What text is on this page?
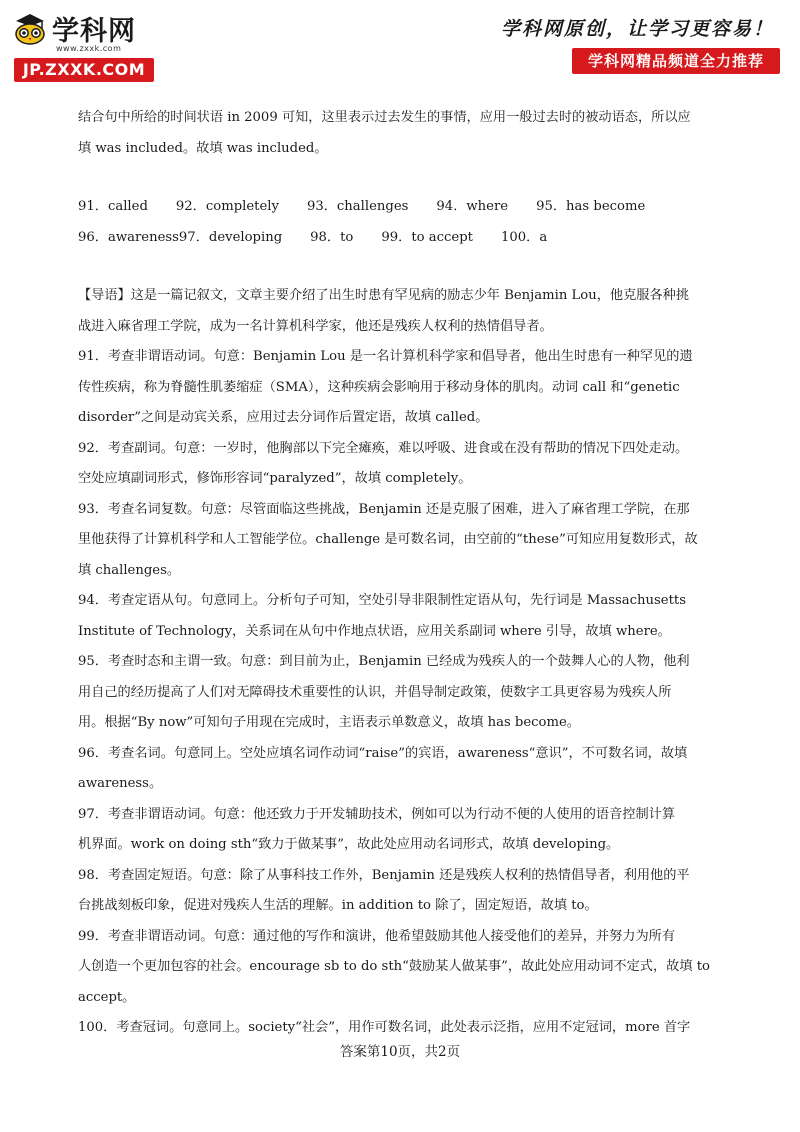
学科网
www.zxxk.com
JP.ZXXK.COM
学科网原创，让学习更容易！
学科网精品频道全力推荐

结合句中所给的时间状语 in 2009 可知，这里表示过去发生的事情，应用一般过去时的被动语态，所以应

填 was included。故填 was included。

91．called 92．completely 93．challenges 94．where 95．has become
96．awareness 97．developing 98．to 99．to accept 100．a

【导语】这是一篇记叙文，文章主要介绍了出生时患有罕见病的励志少年 Benjamin Lou，他克服各种挑

战进入麻省理工学院，成为一名计算机科学家，他还是残疾人权利的热情倡导者。

91．考查非谓语动词。句意：Benjamin Lou 是一名计算机科学家和倡导者，他出生时患有一种罕见的遗

传性疾病，称为脊髓性肌萎缩症（SMA），这种疾病会影响用于移动身体的肌肉。动词 call 和“genetic

disorder”之间是动宾关系，应用过去分词作后置定语，故填 called。

92．考查副词。句意：一岁时，他胸部以下完全瘫痪，难以呼吸、进食或在没有帮助的情况下四处走动。

空处应填副词形式，修饰形容词“paralyzed”，故填 completely。

93．考查名词复数。句意：尽管面临这些挑战，Benjamin 还是克服了困难，进入了麻省理工学院，在那

里他获得了计算机科学和人工智能学位。challenge 是可数名词，由空前的“these”可知应用复数形式，故

填 challenges。

94．考查定语从句。句意同上。分析句子可知，空处引导非限制性定语从句，先行词是 Massachusetts

Institute of Technology，关系词在从句中作地点状语，应用关系副词 where 引导，故填 where。

95．考查时态和主谓一致。句意：到目前为止，Benjamin 已经成为残疾人的一个鼓舞人心的人物，他利

用自己的经历提高了人们对无障碍技术重要性的认识，并倡导制定政策，使数字工具更容易为残疾人所

用。根据“By now”可知句子用现在完成时，主语表示单数意义，故填 has become。

96．考查名词。句意同上。空处应填名词作动词“raise”的宾语，awareness“意识”，不可数名词，故填

awareness。

97．考查非谓语动词。句意：他还致力于开发辅助技术，例如可以为行动不便的人使用的语音控制计算

机界面。work on doing sth“致力于做某事”，故此处应用动名词形式，故填 developing。

98．考查固定短语。句意：除了从事科技工作外，Benjamin 还是残疾人权利的热情倡导者，利用他的平

台挑战刻板印象，促进对残疾人生活的理解。in addition to 除了，固定短语，故填 to。

99．考查非谓语动词。句意：通过他的写作和演讲，他希望鼓励其他人接受他们的差异，并努力为所有

人创造一个更加包容的社会。encourage sb to do sth“鼓励某人做某事”，故此处应用动词不定式，故填 to

accept。

100．考查冠词。句意同上。society“社会”，用作可数名词，此处表示泛指，应用不定冠词，more 首字

答案第10页，共2页
